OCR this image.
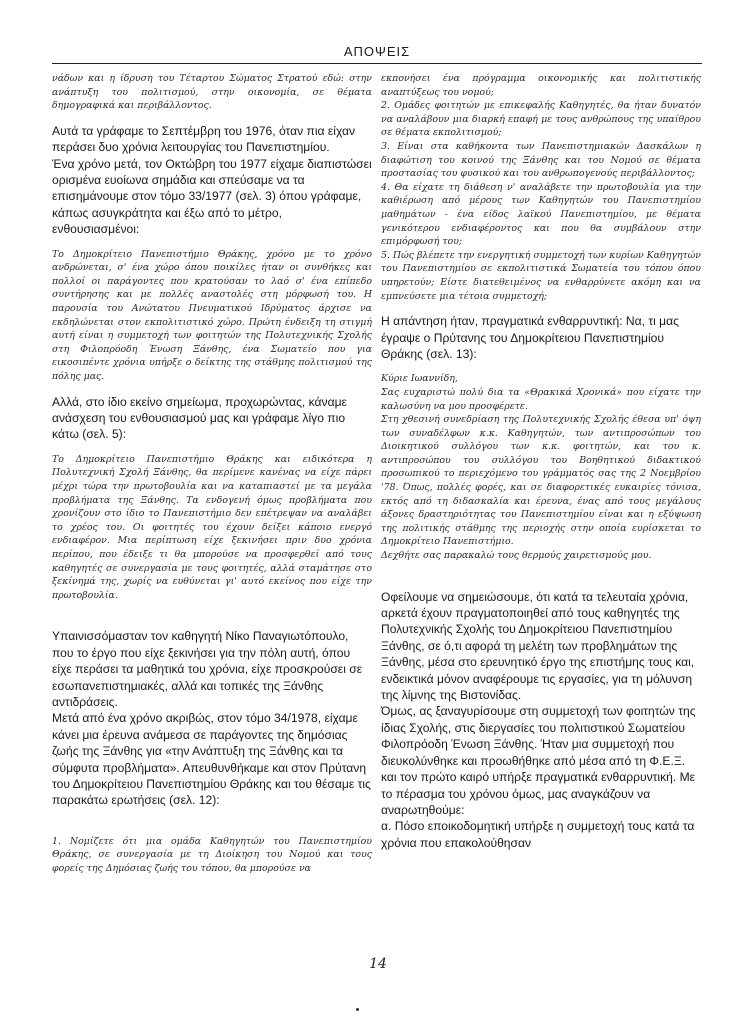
ΑΠΟΨΕΙΣ

νάδων και η ίδρυση του Τέταρτου Σώματος Στρατού εδώ: στην ανάπτυξη του πολιτισμού, στην οικονομία, σε θέματα δημογραφικά και περιβάλλοντος.

Αυτά τα γράφαμε το Σεπτέμβρη του 1976, όταν πια είχαν περάσει δυο χρόνια λειτουργίας του Πανεπιστημίου.

Ένα χρόνο μετά, τον Οκτώβρη του 1977 είχαμε διαπιστώσει ορισμένα ευοίωνα σημάδια και σπεύσαμε να τα επισημάνουμε στον τόμο 33/1977 (σελ. 3) όπου γράφαμε, κάπως ασυγκράτητα και έξω από το μέτρο, ενθουσιασμένοι:

Το Δημοκρίτειο Πανεπιστήμιο Θράκης, χρόνο με το χρόνο ανδρώνεται, σ' ένα χώρο όπου ποικίλες ήταν οι συνθήκες και πολλοί οι παράγοντες που κρατούσαν το λαό σ' ένα επίπεδο συντήρησης και με πολλές αναστολές στη μόρφωσή του. Η παρουσία του Ανώτατου Πνευματικού Ιδρύματος άρχισε να εκδηλώνεται στον εκπολιτιστικό χώρο. Πρώτη ένδειξη τη στιγμή αυτή είναι η συμμετοχή των φοιτητών της Πολυτεχνικής Σχολής στη Φιλοπρόοδη Ένωση Ξάνθης, ένα Σωματείο που για εικοσιπέντε χρόνια υπήρξε ο δείκτης της στάθμης πολιτισμού της πόλης μας.

Αλλά, στο ίδιο εκείνο σημείωμα, προχωρώντας, κάναμε ανάσχεση του ενθουσιασμού μας και γράφαμε λίγο πιο κάτω (σελ. 5):

Το Δημοκρίτειο Πανεπιστήμιο Θράκης και ειδικότερα η Πολυτεχνική Σχολή Ξάνθης, θα περίμενε κανένας να είχε πάρει μέχρι τώρα την πρωτοβουλία και να καταπιαστεί με τα μεγάλα προβλήματα της Ξάνθης. Τα ενδογενή όμως προβλήματα που χρονίζουν στο ίδιο το Πανεπιστήμιο δεν επέτρεψαν να αναλάβει το χρέος του. Οι φοιτητές του έχουν δείξει κάποιο ενεργό ενδιαφέρον. Μια περίπτωση είχε ξεκινήσει πριν δυο χρόνια περίπου, που έδειξε τι θα μπορούσε να προσφερθεί από τους καθηγητές σε συνεργασία με τους φοιτητές, αλλά σταμάτησε στο ξεκίνημά της, χωρίς να ευθύνεται γι' αυτό εκείνος που είχε την πρωτοβουλία.

Υπαινισσόμασταν τον καθηγητή Νίκο Παναγιωτόπουλο, που το έργο που είχε ξεκινήσει για την πόλη αυτή, όπου είχε περάσει τα μαθητικά του χρόνια, είχε προσκρούσει σε εσωπανεπιστημιακές, αλλά και τοπικές της Ξάνθης αντιδράσεις.

Μετά από ένα χρόνο ακριβώς, στον τόμο 34/1978, είχαμε κάνει μια έρευνα ανάμεσα σε παράγοντες της δημόσιας ζωής της Ξάνθης για «την Ανάπτυξη της Ξάνθης και τα σύμφυτα προβλήματα». Απευθυνθήκαμε και στον Πρύτανη του Δημοκρίτειου Πανεπιστημίου Θράκης και του θέσαμε τις παρακάτω ερωτήσεις (σελ. 12):

1. Νομίζετε ότι μια ομάδα Καθηγητών του Πανεπιστημίου Θράκης, σε συνεργασία με τη Διοίκηση του Νομού και τους φορείς της Δημόσιας ζωής του τόπου, θα μπορούσε να

εκπονήσει ένα πρόγραμμα οικονομικής και πολιτιστικής αναπτύξεως του νομού;

2. Ομάδες φοιτητών με επικεφαλής Καθηγητές, θα ήταν δυνατόν να αναλάβουν μια διαρκή επαφή με τους ανθρώπους της υπαίθρου σε θέματα εκπολιτισμού;

3. Είναι στα καθήκοντα των Πανεπιστημιακών Δασκάλων η διαφώτιση του κοινού της Ξάνθης και του Νομού σε θέματα προστασίας του φυσικού και του ανθρωπογενούς περιβάλλοντος;

4. Θα είχατε τη διάθεση ν' αναλάβετε την πρωτοβουλία για την καθιέρωση από μέρους των Καθηγητών του Πανεπιστημίου μαθημάτων - ένα είδος λαϊκού Πανεπιστημίου, με θέματα γενικότερου ενδιαφέροντος και που θα συμβάλουν στην επιμόρφωσή του;

5. Πώς βλέπετε την ενεργητική συμμετοχή των κυρίων Καθηγητών του Πανεπιστημίου σε εκπολιτιστικά Σωματεία του τόπου όπου υπηρετούν; Είστε διατεθειμένος να ενθαρρύνετε ακόμη και να εμπνεύσετε μια τέτοια συμμετοχή;

Η απάντηση ήταν, πραγματικά ενθαρρυντική: Να, τι μας έγραψε ο Πρύτανης του Δημοκρίτειου Πανεπιστημίου Θράκης (σελ. 13):

Κύριε Ιωαννίδη,

Σας ευχαριστώ πολύ δια τα «Θρακικά Χρονικά» που είχατε την καλωσύνη να μου προσφέρετε.

Στη χθεσινή συνεδρίαση της Πολυτεχνικής Σχολής έθεσα υπ' όψη των συναδέλφων κ.κ. Καθηγητών, των αντιπροσώπων του Διοικητικού συλλόγου των κ.κ. φοιτητών, και του κ. αντιπροσώπου του συλλόγου του Βοηθητικού διδακτικού προσωπικού το περιεχόμενο του γράμματός σας της 2 Νοεμβρίου '78. Όπως, πολλές φορές, και σε διαφορετικές ευκαιρίες τόνισα, εκτός από τη διδασκαλία και έρευνα, ένας από τους μεγάλους άξονες δραστηριότητας του Πανεπιστημίου είναι και η εξύψωση της πολιτικής στάθμης της περιοχής στην οποία ευρίσκεται το Δημοκρίτειο Πανεπιστήμιο.

Δεχθήτε σας παρακαλώ τους θερμούς χαιρετισμούς μου.

Οφείλουμε να σημειώσουμε, ότι κατά τα τελευταία χρόνια, αρκετά έχουν πραγματοποιηθεί από τους καθηγητές της Πολυτεχνικής Σχολής του Δημοκρίτειου Πανεπιστημίου Ξάνθης, σε ό,τι αφορά τη μελέτη των προβλημάτων της Ξάνθης, μέσα στο ερευνητικό έργο της επιστήμης τους και, ενδεικτικά μόνον αναφέρουμε τις εργασίες, για τη μόλυνση της λίμνης της Βιστονίδας.

Όμως, ας ξαναγυρίσουμε στη συμμετοχή των φοιτητών της ίδιας Σχολής, στις διεργασίες του πολιτιστικού Σωματείου Φιλοπρόοδη Ένωση Ξάνθης. Ήταν μια συμμετοχή που διευκολύνθηκε και προωθήθηκε από μέσα από τη Φ.Ε.Ξ. και τον πρώτο καιρό υπήρξε πραγματικά ενθαρρυντική. Με το πέρασμα του χρόνου όμως, μας αναγκάζουν να αναρωτηθούμε:

α. Πόσο εποικοδομητική υπήρξε η συμμετοχή τους κατά τα χρόνια που επακολούθησαν

14
